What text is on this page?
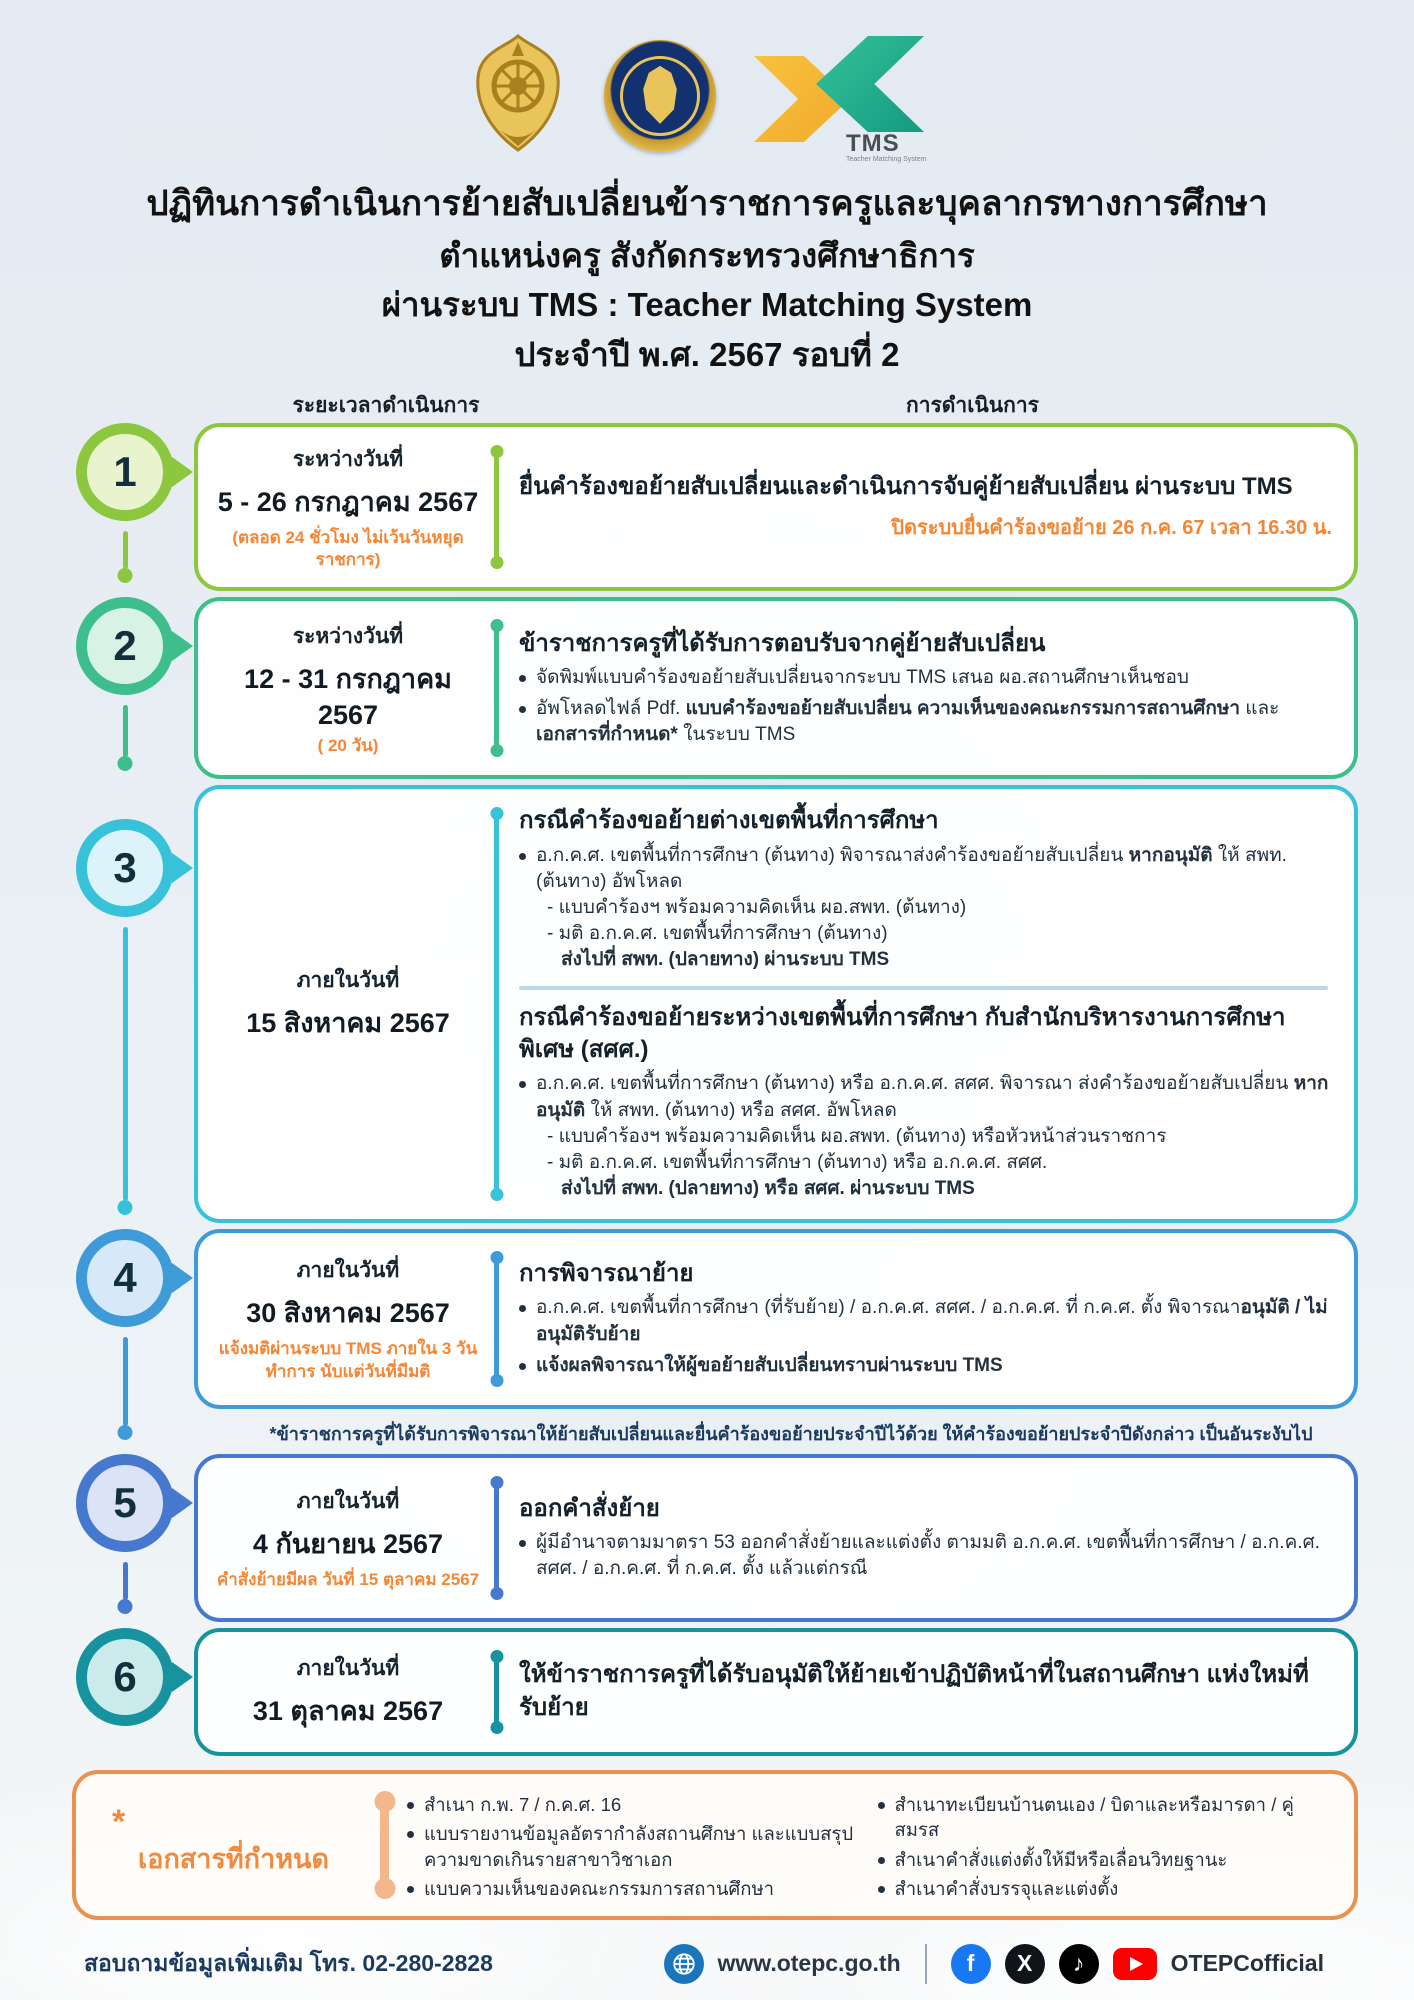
TMS
Teacher Matching System
ปฏิทินการดำเนินการย้ายสับเปลี่ยนข้าราชการครูและบุคลากรทางการศึกษา
ตำแหน่งครู สังกัดกระทรวงศึกษาธิการ
ผ่านระบบ TMS : Teacher Matching System
ประจำปี พ.ศ. 2567 รอบที่ 2
ระยะเวลาดำเนินการ	การดำเนินการ
1	ระหว่างวันที่
5 - 26 กรกฎาคม 2567
(ตลอด 24 ชั่วโมง ไม่เว้นวันหยุดราชการ)
ยื่นคำร้องขอย้ายสับเปลี่ยนและดำเนินการจับคู่ย้ายสับเปลี่ยน ผ่านระบบ TMS
ปิดระบบยื่นคำร้องขอย้าย 26 ก.ค. 67 เวลา 16.30 น.
2	ระหว่างวันที่
12 - 31 กรกฎาคม 2567
( 20 วัน)
ข้าราชการครูที่ได้รับการตอบรับจากคู่ย้ายสับเปลี่ยน
จัดพิมพ์แบบคำร้องขอย้ายสับเปลี่ยนจากระบบ TMS เสนอ ผอ.สถานศึกษาเห็นชอบ
อัพโหลดไฟล์ Pdf. แบบคำร้องขอย้ายสับเปลี่ยน ความเห็นของคณะกรรมการสถานศึกษา และ เอกสารที่กำหนด* ในระบบ TMS
3
ภายในวันที่
15 สิงหาคม 2567
กรณีคำร้องขอย้ายต่างเขตพื้นที่การศึกษา
อ.ก.ค.ศ. เขตพื้นที่การศึกษา (ต้นทาง) พิจารณาส่งคำร้องขอย้ายสับเปลี่ยน หากอนุมัติ ให้ สพท. (ต้นทาง) อัพโหลด
- แบบคำร้องฯ พร้อมความคิดเห็น ผอ.สพท. (ต้นทาง)
- มติ อ.ก.ค.ศ. เขตพื้นที่การศึกษา (ต้นทาง)
ส่งไปที่ สพท. (ปลายทาง) ผ่านระบบ TMS
กรณีคำร้องขอย้ายระหว่างเขตพื้นที่การศึกษา กับสำนักบริหารงานการศึกษาพิเศษ (สศศ.)
อ.ก.ค.ศ. เขตพื้นที่การศึกษา (ต้นทาง) หรือ อ.ก.ค.ศ. สศศ. พิจารณา ส่งคำร้องขอย้ายสับเปลี่ยน หากอนุมัติ ให้ สพท. (ต้นทาง) หรือ สศศ. อัพโหลด
- แบบคำร้องฯ พร้อมความคิดเห็น ผอ.สพท. (ต้นทาง) หรือหัวหน้าส่วนราชการ
- มติ อ.ก.ค.ศ. เขตพื้นที่การศึกษา (ต้นทาง) หรือ อ.ก.ค.ศ. สศศ.
ส่งไปที่ สพท. (ปลายทาง) หรือ สศศ. ผ่านระบบ TMS
4	ภายในวันที่
30 สิงหาคม 2567
แจ้งมติผ่านระบบ TMS ภายใน 3 วันทำการ นับแต่วันที่มีมติ
การพิจารณาย้าย
อ.ก.ค.ศ. เขตพื้นที่การศึกษา (ที่รับย้าย) / อ.ก.ค.ศ. สศศ. / อ.ก.ค.ศ. ที่ ก.ค.ศ. ตั้ง พิจารณาอนุมัติ / ไม่อนุมัติรับย้าย
แจ้งผลพิจารณาให้ผู้ขอย้ายสับเปลี่ยนทราบผ่านระบบ TMS
*ข้าราชการครูที่ได้รับการพิจารณาให้ย้ายสับเปลี่ยนและยื่นคำร้องขอย้ายประจำปีไว้ด้วย ให้คำร้องขอย้ายประจำปีดังกล่าว เป็นอันระงับไป
5	ภายในวันที่
4 กันยายน 2567
คำสั่งย้ายมีผล วันที่ 15 ตุลาคม 2567
ออกคำสั่งย้าย
ผู้มีอำนาจตามมาตรา 53 ออกคำสั่งย้ายและแต่งตั้ง ตามมติ อ.ก.ค.ศ. เขตพื้นที่การศึกษา / อ.ก.ค.ศ. สศศ. / อ.ก.ค.ศ. ที่ ก.ค.ศ. ตั้ง แล้วแต่กรณี
6	ภายในวันที่
31 ตุลาคม 2567
ให้ข้าราชการครูที่ได้รับอนุมัติให้ย้ายเข้าปฏิบัติหน้าที่ในสถานศึกษา แห่งใหม่ที่รับย้าย
*
เอกสารที่กำหนด
สำเนา ก.พ. 7 / ก.ค.ศ. 16
แบบรายงานข้อมูลอัตรากำลังสถานศึกษา และแบบสรุปความขาดเกินรายสาขาวิชาเอก
แบบความเห็นของคณะกรรมการสถานศึกษา
สำเนาทะเบียนบ้านตนเอง / บิดาและหรือมารดา / คู่สมรส
สำเนาคำสั่งแต่งตั้งให้มีหรือเลื่อนวิทยฐานะ
สำเนาคำสั่งบรรจุและแต่งตั้ง
สอบถามข้อมูลเพิ่มเติม โทร. 02-280-2828	www.otepc.go.th	f	X	♪	OTEPCofficial
